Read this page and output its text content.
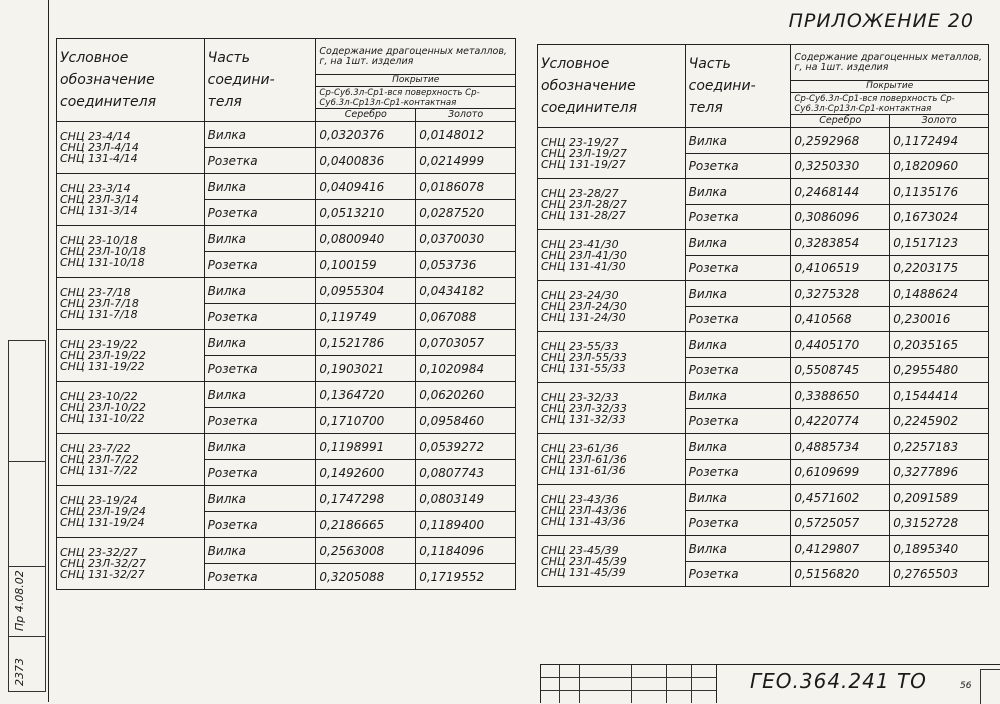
2373
Пр 4.08.02
ПРИЛОЖЕНИЕ 20
Условное обозначение соединителя	Часть соедини- теля	Содержание драгоценных металлов, г, на 1шт. изделия	
		Покрытие	
		Ср-Су6.3л-Ср1-вся поверхность Ср-Су6.3л-Ср13л-Ср1-контактная	
		Серебро	Золото
СНЦ 23-4/14
СНЦ 23Л-4/14
СНЦ 131-4/14	Вилка	0,0320376	0,0148012
	Розетка	0,0400836	0,0214999
СНЦ 23-3/14
СНЦ 23Л-3/14
СНЦ 131-3/14	Вилка	0,0409416	0,0186078
	Розетка	0,0513210	0,0287520
СНЦ 23-10/18
СНЦ 23Л-10/18
СНЦ 131-10/18	Вилка	0,0800940	0,0370030
	Розетка	0,100159	0,053736
СНЦ 23-7/18
СНЦ 23Л-7/18
СНЦ 131-7/18	Вилка	0,0955304	0,0434182
	Розетка	0,119749	0,067088
СНЦ 23-19/22
СНЦ 23Л-19/22
СНЦ 131-19/22	Вилка	0,1521786	0,0703057
	Розетка	0,1903021	0,1020984
СНЦ 23-10/22
СНЦ 23Л-10/22
СНЦ 131-10/22	Вилка	0,1364720	0,0620260
	Розетка	0,1710700	0,0958460
СНЦ 23-7/22
СНЦ 23Л-7/22
СНЦ 131-7/22	Вилка	0,1198991	0,0539272
	Розетка	0,1492600	0,0807743
СНЦ 23-19/24
СНЦ 23Л-19/24
СНЦ 131-19/24	Вилка	0,1747298	0,0803149
	Розетка	0,2186665	0,1189400
СНЦ 23-32/27
СНЦ 23Л-32/27
СНЦ 131-32/27	Вилка	0,2563008	0,1184096
	Розетка	0,3205088	0,1719552
Условное обозначение соединителя	Часть соедини- теля	Содержание драгоценных металлов, г, на 1шт. изделия	
		Покрытие	
		Ср-Су6.3л-Ср1-вся поверхность Ср-Су6.3л-Ср13л-Ср1-контактная	
		Серебро	Золото
СНЦ 23-19/27
СНЦ 23Л-19/27
СНЦ 131-19/27	Вилка	0,2592968	0,1172494
	Розетка	0,3250330	0,1820960
СНЦ 23-28/27
СНЦ 23Л-28/27
СНЦ 131-28/27	Вилка	0,2468144	0,1135176
	Розетка	0,3086096	0,1673024
СНЦ 23-41/30
СНЦ 23Л-41/30
СНЦ 131-41/30	Вилка	0,3283854	0,1517123
	Розетка	0,4106519	0,2203175
СНЦ 23-24/30
СНЦ 23Л-24/30
СНЦ 131-24/30	Вилка	0,3275328	0,1488624
	Розетка	0,410568	0,230016
СНЦ 23-55/33
СНЦ 23Л-55/33
СНЦ 131-55/33	Вилка	0,4405170	0,2035165
	Розетка	0,5508745	0,2955480
СНЦ 23-32/33
СНЦ 23Л-32/33
СНЦ 131-32/33	Вилка	0,3388650	0,1544414
	Розетка	0,4220774	0,2245902
СНЦ 23-61/36
СНЦ 23Л-61/36
СНЦ 131-61/36	Вилка	0,4885734	0,2257183
	Розетка	0,6109699	0,3277896
СНЦ 23-43/36
СНЦ 23Л-43/36
СНЦ 131-43/36	Вилка	0,4571602	0,2091589
	Розетка	0,5725057	0,3152728
СНЦ 23-45/39
СНЦ 23Л-45/39
СНЦ 131-45/39	Вилка	0,4129807	0,1895340
	Розетка	0,5156820	0,2765503
ГЕО.364.241 ТО	56
